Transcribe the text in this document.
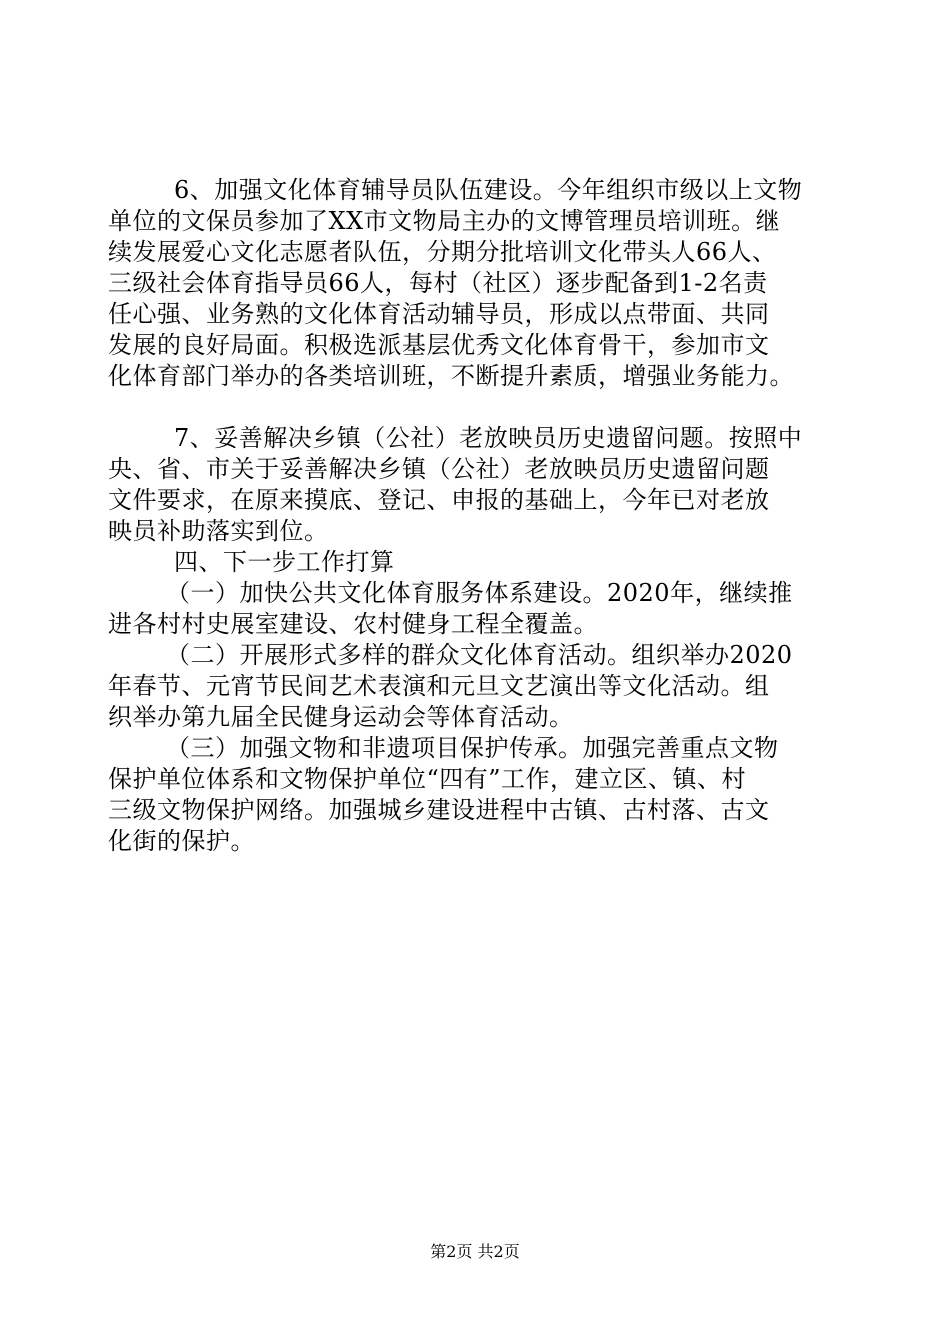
6、加强文化体育辅导员队伍建设。今年组织市级以上文物
单位的文保员参加了XX市文物局主办的文博管理员培训班。继
续发展爱心文化志愿者队伍，分期分批培训文化带头人66人、
三级社会体育指导员66人，每村（社区）逐步配备到1-2名责
任心强、业务熟的文化体育活动辅导员，形成以点带面、共同
发展的良好局面。积极选派基层优秀文化体育骨干，参加市文
化体育部门举办的各类培训班，不断提升素质，增强业务能力。
7、妥善解决乡镇（公社）老放映员历史遗留问题。按照中
央、省、市关于妥善解决乡镇（公社）老放映员历史遗留问题
文件要求，在原来摸底、登记、申报的基础上，今年已对老放
映员补助落实到位。
四、下一步工作打算
（一）加快公共文化体育服务体系建设。2020年，继续推
进各村村史展室建设、农村健身工程全覆盖。
（二）开展形式多样的群众文化体育活动。组织举办2020
年春节、元宵节民间艺术表演和元旦文艺演出等文化活动。组
织举办第九届全民健身运动会等体育活动。
（三）加强文物和非遗项目保护传承。加强完善重点文物
保护单位体系和文物保护单位“四有”工作，建立区、镇、村
三级文物保护网络。加强城乡建设进程中古镇、古村落、古文
化街的保护。
第2页 共2页
